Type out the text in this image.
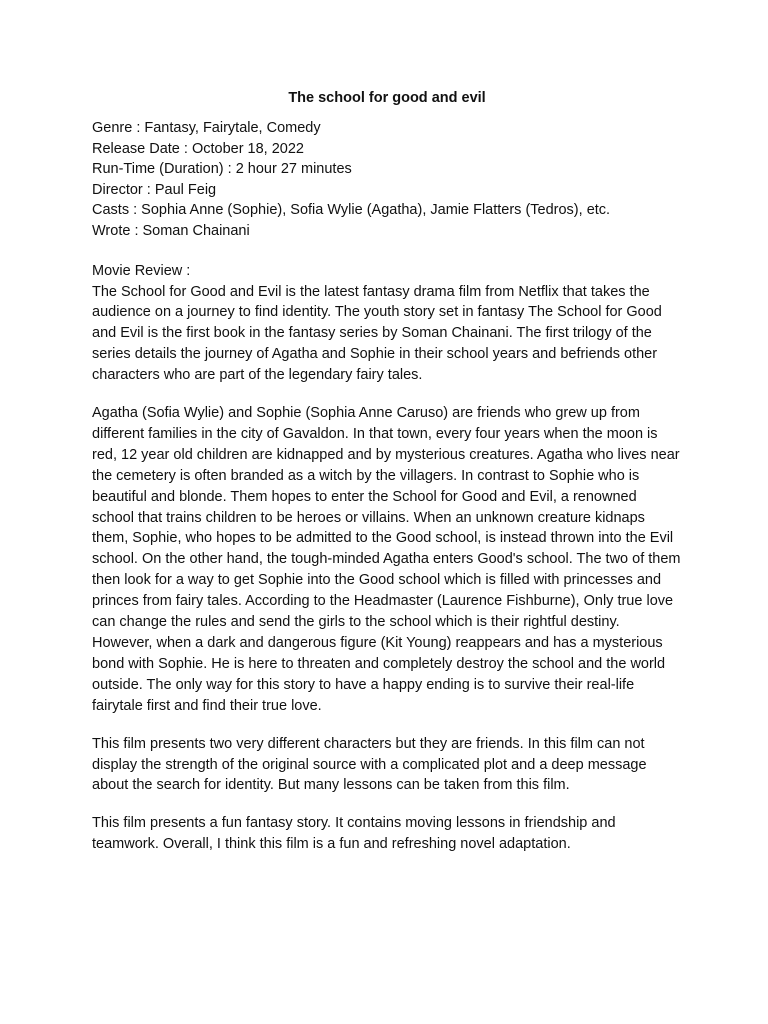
The school for good and evil

Genre : Fantasy, Fairytale, Comedy

Release Date : October 18, 2022

Run-Time (Duration) : 2 hour 27 minutes

Director : Paul Feig

Casts : Sophia Anne (Sophie), Sofia Wylie (Agatha), Jamie Flatters (Tedros), etc.

Wrote : Soman Chainani

Movie Review :

The School for Good and Evil is the latest fantasy drama film from Netflix that takes the audience on a journey to find identity. The youth story set in fantasy The School for Good and Evil is the first book in the fantasy series by Soman Chainani. The first trilogy of the series details the journey of Agatha and Sophie in their school years and befriends other characters who are part of the legendary fairy tales.

Agatha (Sofia Wylie) and Sophie (Sophia Anne Caruso) are friends who grew up from different families in the city of Gavaldon. In that town, every four years when the moon is red, 12 year old children are kidnapped and by mysterious creatures. Agatha who lives near the cemetery is often branded as a witch by the villagers. In contrast to Sophie who is beautiful and blonde. Them hopes to enter the School for Good and Evil, a renowned school that trains children to be heroes or villains. When an unknown creature kidnaps them, Sophie, who hopes to be admitted to the Good school, is instead thrown into the Evil school. On the other hand, the tough-minded Agatha enters Good's school. The two of them then look for a way to get Sophie into the Good school which is filled with princesses and princes from fairy tales. According to the Headmaster (Laurence Fishburne), Only true love can change the rules and send the girls to the school which is their rightful destiny. However, when a dark and dangerous figure (Kit Young) reappears and has a mysterious bond with Sophie. He is here to threaten and completely destroy the school and the world outside. The only way for this story to have a happy ending is to survive their real-life fairytale first and find their true love.

This film presents two very different characters but they are friends. In this film can not display the strength of the original source with a complicated plot and a deep message about the search for identity. But many lessons can be taken from this film.

This film presents a fun fantasy story. It contains moving lessons in friendship and teamwork. Overall, I think this film is a fun and refreshing novel adaptation.
